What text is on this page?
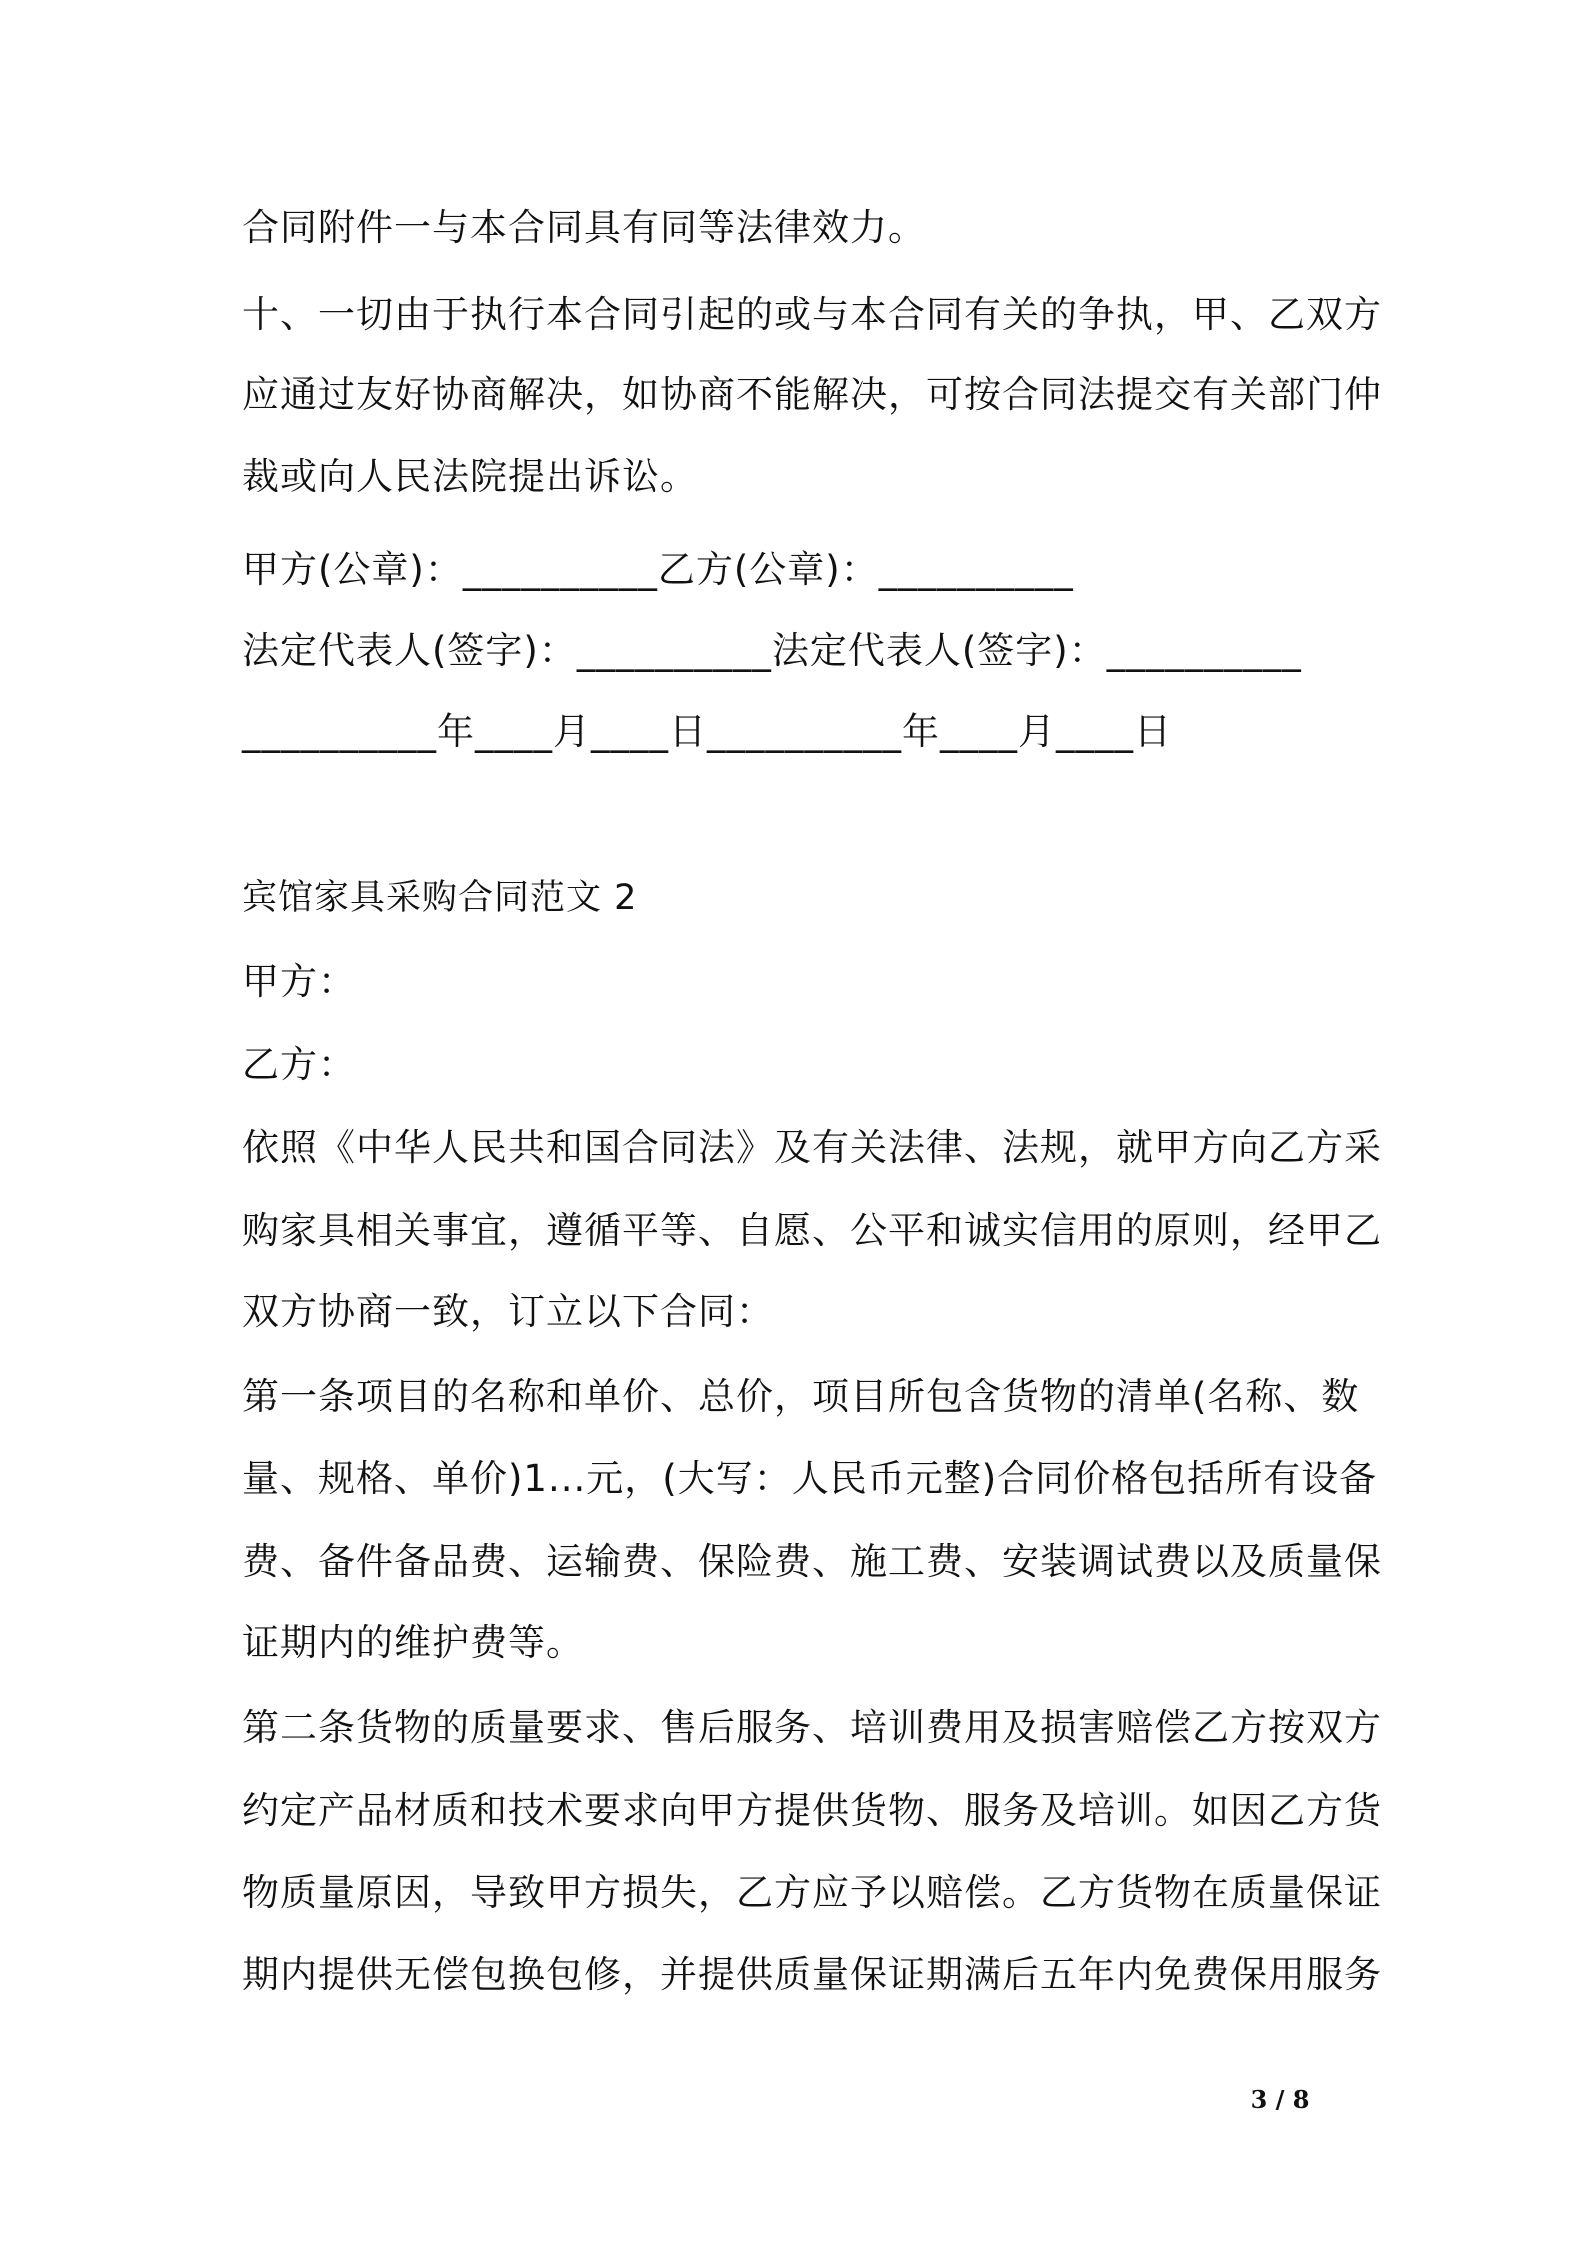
合同附件一与本合同具有同等法律效力。
十、一切由于执行本合同引起的或与本合同有关的争执，甲、乙双方
应通过友好协商解决，如协商不能解决，可按合同法提交有关部门仲
裁或向人民法院提出诉讼。
甲方(公章)：__________乙方(公章)：__________
法定代表人(签字)：__________法定代表人(签字)：__________
__________年____月____日__________年____月____日
宾馆家具采购合同范文 2
甲方：
乙方：
依照《中华人民共和国合同法》及有关法律、法规，就甲方向乙方采
购家具相关事宜，遵循平等、自愿、公平和诚实信用的原则，经甲乙
双方协商一致，订立以下合同：
第一条项目的名称和单价、总价，项目所包含货物的清单(名称、数
量、规格、单价)1...元，(大写：人民币元整)合同价格包括所有设备
费、备件备品费、运输费、保险费、施工费、安装调试费以及质量保
证期内的维护费等。
第二条货物的质量要求、售后服务、培训费用及损害赔偿乙方按双方
约定产品材质和技术要求向甲方提供货物、服务及培训。如因乙方货
物质量原因，导致甲方损失，乙方应予以赔偿。乙方货物在质量保证
期内提供无偿包换包修，并提供质量保证期满后五年内免费保用服务
3 / 8
